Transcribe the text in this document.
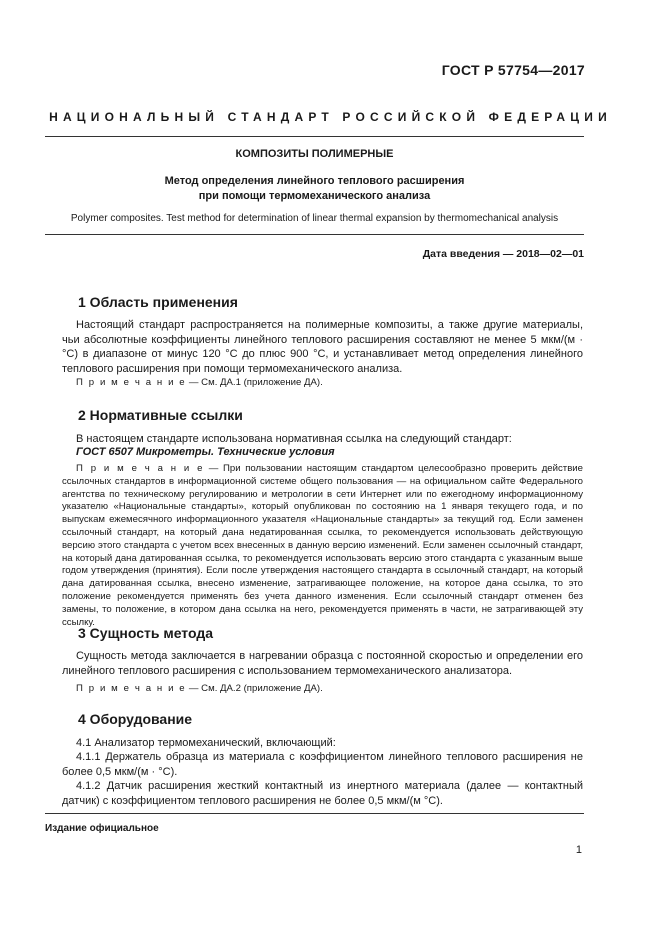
ГОСТ Р 57754—2017
НАЦИОНАЛЬНЫЙ СТАНДАРТ РОССИЙСКОЙ ФЕДЕРАЦИИ
КОМПОЗИТЫ ПОЛИМЕРНЫЕ
Метод определения линейного теплового расширения
при помощи термомеханического анализа
Polymer composites. Test method for determination of linear thermal expansion by thermomechanical analysis
Дата введения — 2018—02—01
1 Область применения

Настоящий стандарт распространяется на полимерные композиты, а также другие материалы, чьи абсолютные коэффициенты линейного теплового расширения составляют не менее 5 мкм/(м · °C) в диапазоне от минус 120 °C до плюс 900 °C, и устанавливает метод определения линейного теплового расширения при помощи термомеханического анализа.

П р и м е ч а н и е — См. ДА.1 (приложение ДА).

2 Нормативные ссылки

В настоящем стандарте использована нормативная ссылка на следующий стандарт:

ГОСТ 6507 Микрометры. Технические условия

П р и м е ч а н и е — При пользовании настоящим стандартом целесообразно проверить действие ссылочных стандартов в информационной системе общего пользования — на официальном сайте Федерального агентства по техническому регулированию и метрологии в сети Интернет или по ежегодному информационному указателю «Национальные стандарты», который опубликован по состоянию на 1 января текущего года, и по выпускам ежемесячного информационного указателя «Национальные стандарты» за текущий год. Если заменен ссылочный стандарт, на который дана недатированная ссылка, то рекомендуется использовать действующую версию этого стандарта с учетом всех внесенных в данную версию изменений. Если заменен ссылочный стандарт, на который дана датированная ссылка, то рекомендуется использовать версию этого стандарта с указанным выше годом утверждения (принятия). Если после утверждения настоящего стандарта в ссылочный стандарт, на который дана датированная ссылка, внесено изменение, затрагивающее положение, на которое дана ссылка, то это положение рекомендуется применять без учета данного изменения. Если ссылочный стандарт отменен без замены, то положение, в котором дана ссылка на него, рекомендуется применять в части, не затрагивающей эту ссылку.

3 Сущность метода

Сущность метода заключается в нагревании образца с постоянной скоростью и определении его линейного теплового расширения с использованием термомеханического анализатора.

П р и м е ч а н и е — См. ДА.2 (приложение ДА).

4 Оборудование

4.1 Анализатор термомеханический, включающий:

4.1.1 Держатель образца из материала с коэффициентом линейного теплового расширения не более 0,5 мкм/(м · °C).

4.1.2 Датчик расширения жесткий контактный из инертного материала (далее — контактный датчик) с коэффициентом теплового расширения не более 0,5 мкм/(м °C).

Издание официальное
1
